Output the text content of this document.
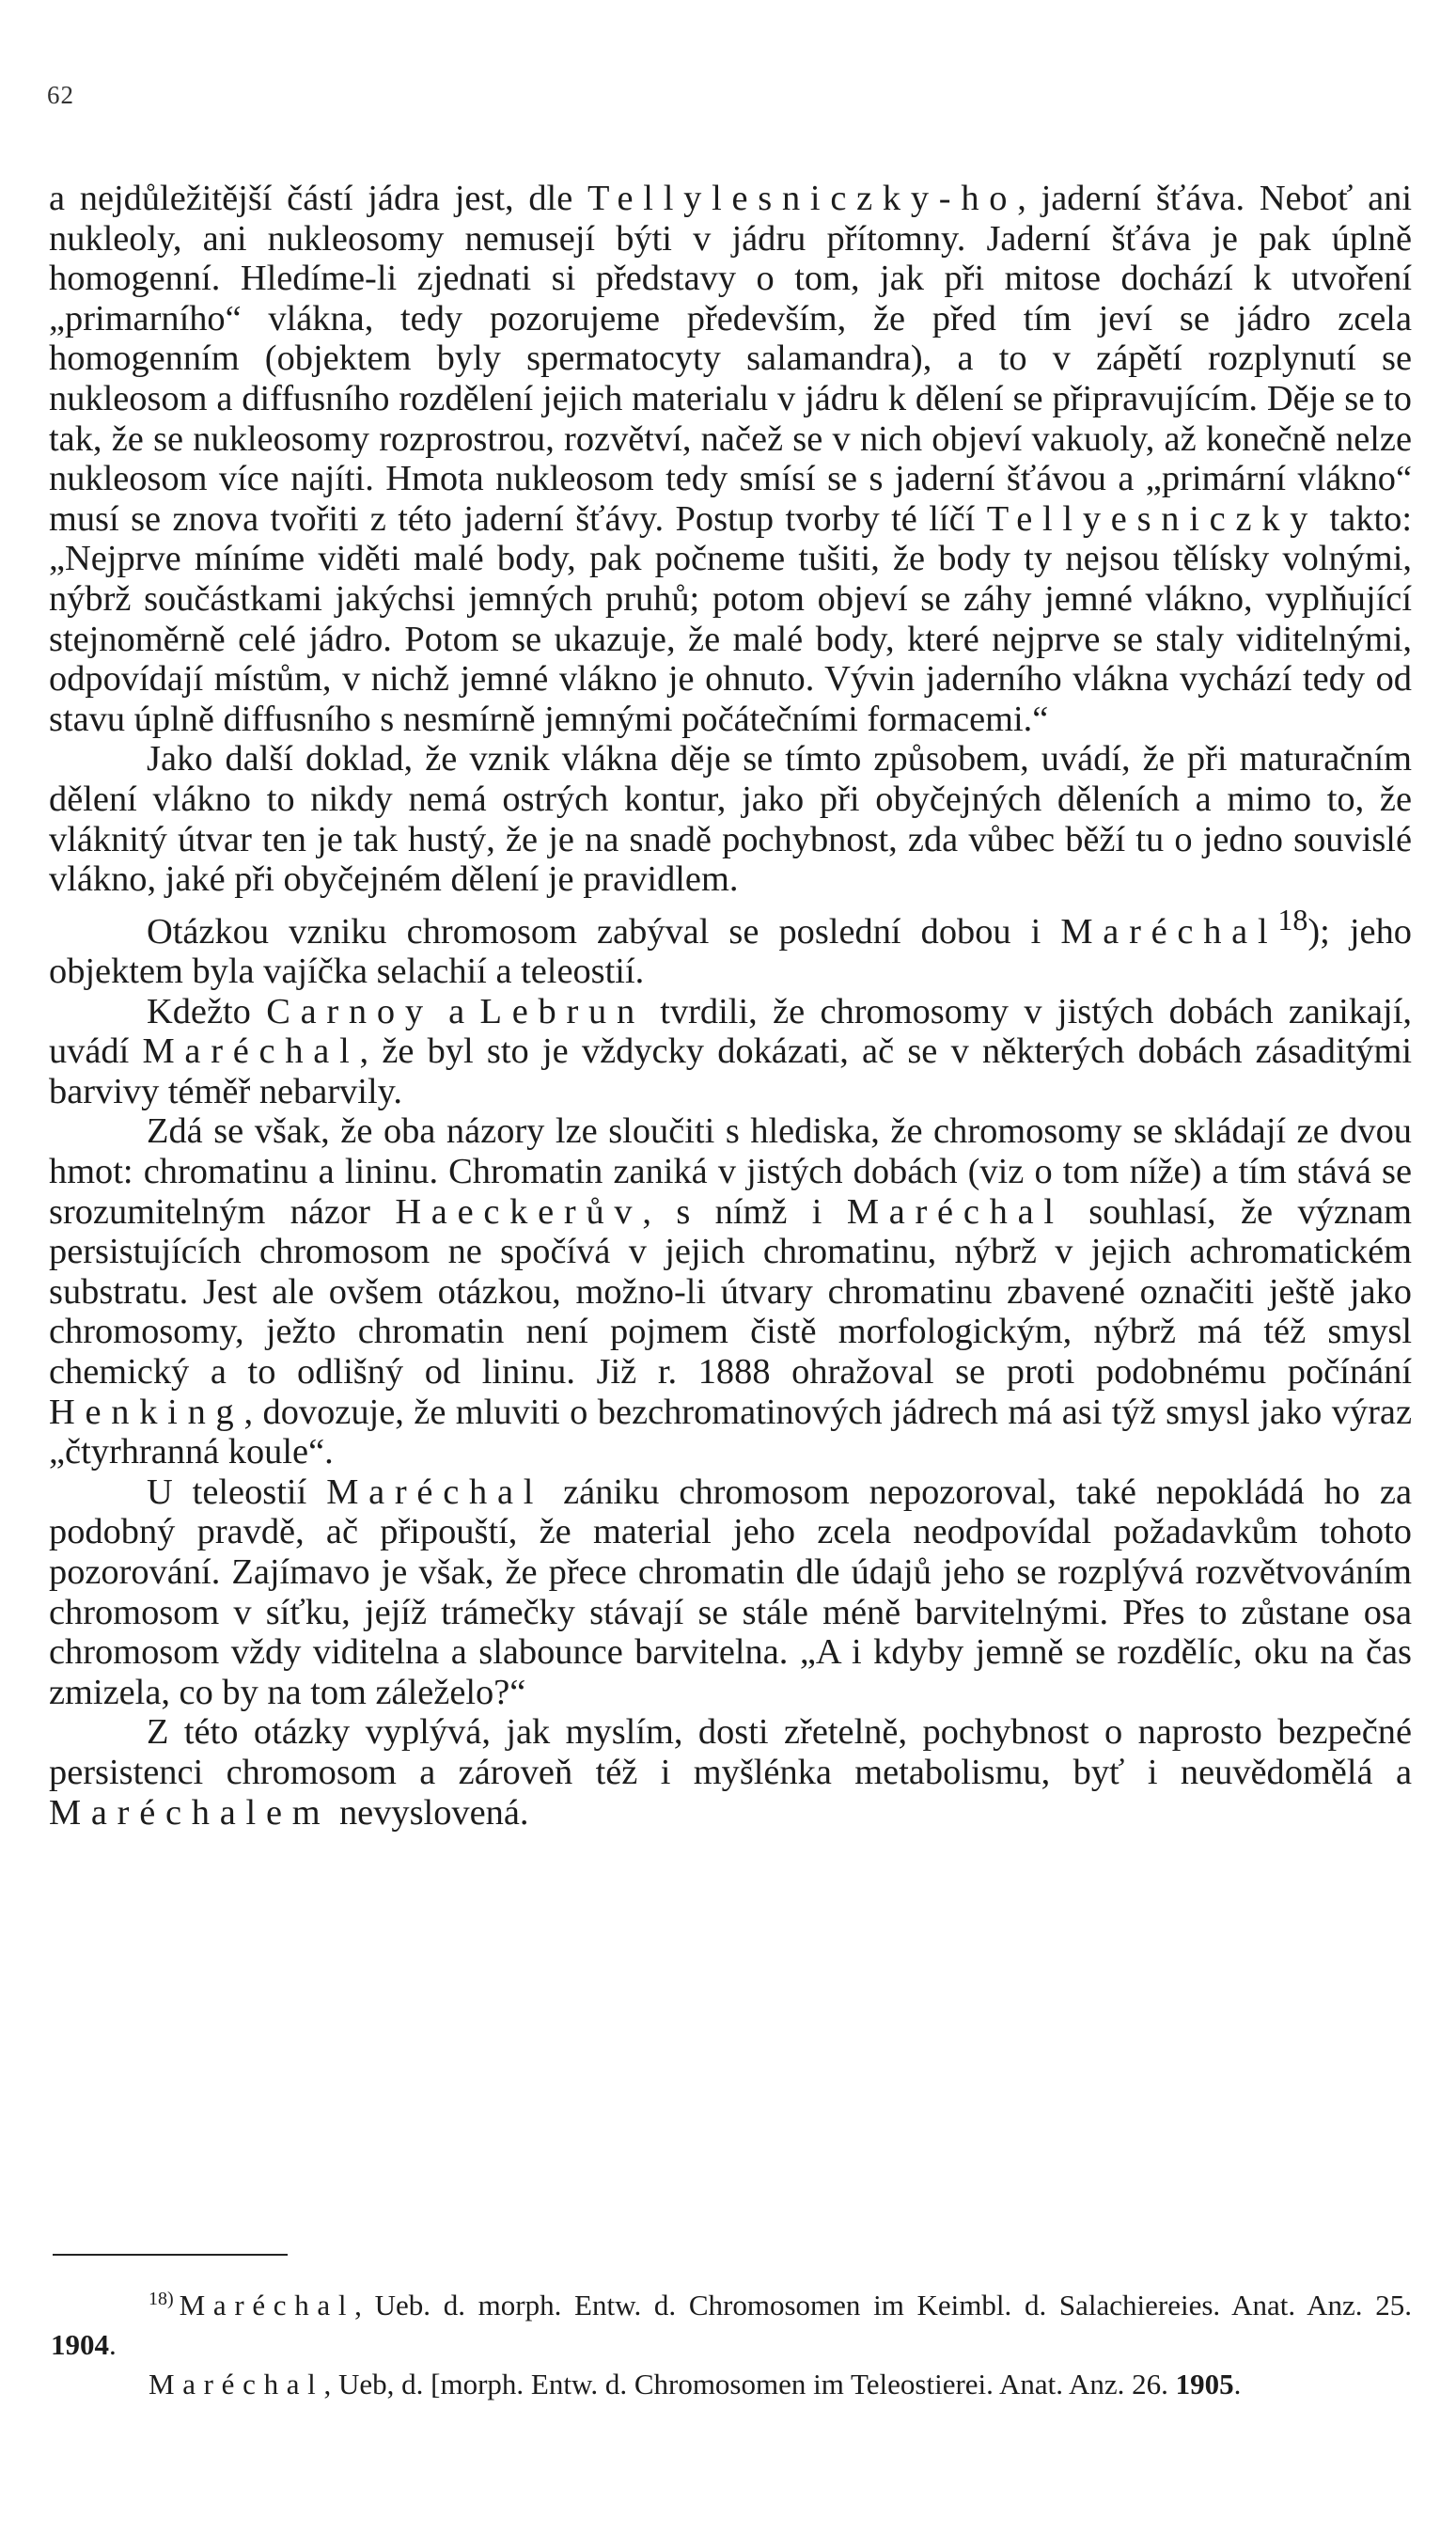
62

a nejdůležitější částí jádra jest, dle Tellylesniczky-ho, jaderní šťáva. Neboť ani nukleoly, ani nukleosomy nemusejí býti v jádru přítomny. Jaderní šťáva je pak úplně homogenní. Hledíme-li zjednati si představy o tom, jak při mitose dochází k utvoření „primarního“ vlákna, tedy pozorujeme především, že před tím jeví se jádro zcela homogenním (objektem byly spermatocyty salamandra), a to v zápětí rozplynutí se nukleosom a diffusního rozdělení jejich materialu v jádru k dělení se připravujícím. Děje se to tak, že se nukleosomy rozprostrou, rozvětví, načež se v nich objeví vakuoly, až konečně nelze nukleosom více najíti. Hmota nukleosom tedy smísí se s jaderní šťávou a „primární vlákno“ musí se znova tvořiti z této jaderní šťávy. Postup tvorby té líčí Tellyesniczky takto: „Nejprve míníme viděti malé body, pak počneme tušiti, že body ty nejsou tělísky volnými, nýbrž součástkami jakýchsi jemných pruhů; potom objeví se záhy jemné vlákno, vyplňující stejnoměrně celé jádro. Potom se ukazuje, že malé body, které nejprve se staly viditelnými, odpovídají místům, v nichž jemné vlákno je ohnuto. Vývin jaderního vlákna vychází tedy od stavu úplně diffusního s nesmírně jemnými počátečními formacemi.“

Jako další doklad, že vznik vlákna děje se tímto způsobem, uvádí, že při maturačním dělení vlákno to nikdy nemá ostrých kontur, jako při obyčejných děleních a mimo to, že vláknitý útvar ten je tak hustý, že je na snadě pochybnost, zda vůbec běží tu o jedno souvislé vlákno, jaké při obyčejném dělení je pravidlem.

Otázkou vzniku chromosom zabýval se poslední dobou i Maréchal$^{18}$); jeho objektem byla vajíčka selachií a teleostií.

Kdežto Carnoy a Lebrun tvrdili, že chromosomy v jistých dobách zanikají, uvádí Maréchal, že byl sto je vždycky dokázati, ač se v některých dobách zásaditými barvivy téměř nebarvily.

Zdá se však, že oba názory lze sloučiti s hlediska, že chromosomy se skládají ze dvou hmot: chromatinu a lininu. Chromatin zaniká v jistých dobách (viz o tom níže) a tím stává se srozumitelným názor Haeckerův, s nímž i Maréchal souhlasí, že význam persistujících chromosom ne spočívá v jejich chromatinu, nýbrž v jejich achromatickém substratu. Jest ale ovšem otázkou, možno-li útvary chromatinu zbavené označiti ještě jako chromosomy, ježto chromatin není pojmem čistě morfologickým, nýbrž má též smysl chemický a to odlišný od lininu. Již r. 1888 ohražoval se proti podobnému počínání Henking, dovozuje, že mluviti o bezchromatinových jádrech má asi týž smysl jako výraz „čtyrhranná koule“.

U teleostií Maréchal zániku chromosom nepozoroval, také nepokládá ho za podobný pravdě, ač připouští, že material jeho zcela neodpovídal požadavkům tohoto pozorování. Zajímavo je však, že přece chromatin dle údajů jeho se rozplývá rozvětvováním chromosom v síťku, jejíž trámečky stávají se stále méně barvitelnými. Přes to zůstane osa chromosom vždy viditelna a slabounce barvitelna. „A i kdyby jemně se rozdělíc, oku na čas zmizela, co by na tom záleželo?“

Z této otázky vyplývá, jak myslím, dosti zřetelně, pochybnost o naprosto bezpečné persistenci chromosom a zároveň též i myšlénka metabolismu, byť i neuvědomělá a Maréchalem nevyslovená.

$^{18)}$ Maréchal, Ueb. d. morph. Entw. d. Chromosomen im Keimbl. d. Salachiereies. Anat. Anz. 25. 1904.

Maréchal, Ueb, d. [morph. Entw. d. Chromosomen im Teleostierei. Anat. Anz. 26. 1905.
